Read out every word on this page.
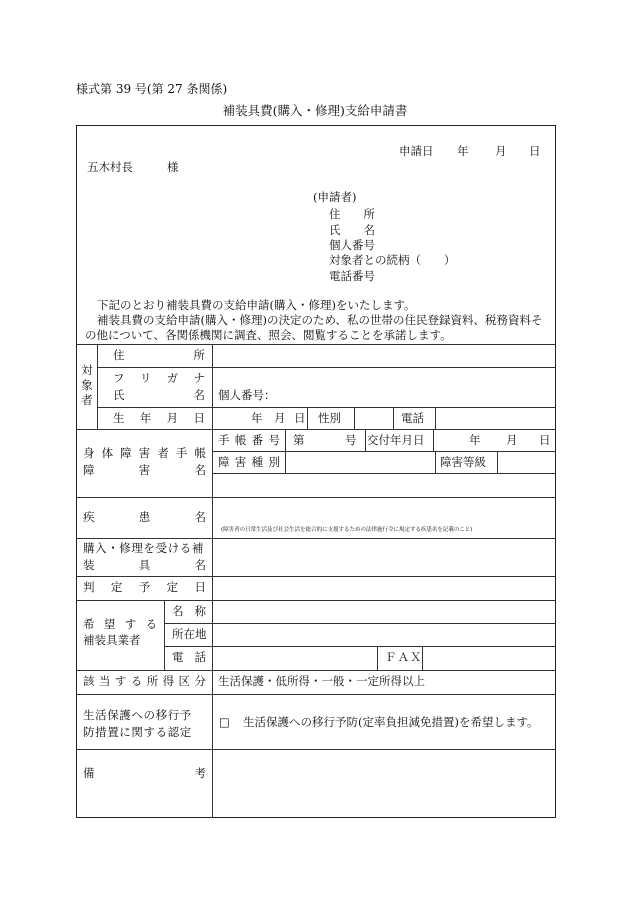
様式第 39 号(第 27 条関係)
補装具費(購入・修理)支給申請書
申請日 年 月 日
五木村長	様
(申請者)
住　　所
氏　　名
個人番号
対象者との続柄（　　）
電話番号
下記のとおり補装具費の支給申請(購入・修理)をいたします。
補装具費の支給申請(購入・修理)の決定のため、私の世帯の住民登録資料、税務資料そ
の他について、各関係機関に調査、照会、閲覧することを承諾します。
対象者
住	所
フ リ ガ ナ
氏	名 個人番号：
生 年 月 日	年 月 日 性別	電話
身 体 障 害 者 手 帳
障	害	名
手 帳 番 号 第	号 交付年月日	年 月 日
障 害 種 別	障害等級
疾	患	名
(障害者の日常生活及び社会生活を総合的に支援するための法律施行令に規定する疾患名を記載のこと)
購入・修理を受ける補
装	具	名
判 定 予 定 日
希 望 す る
補装具業者
名 称
所在地
電 話	ＦＡＸ
該 当 す る 所 得 区 分 生活保護・低所得・一般・一定所得以上
生活保護への移行予
防措置に関する認定
□ 生活保護への移行予防(定率負担減免措置)を希望します。
備	考
